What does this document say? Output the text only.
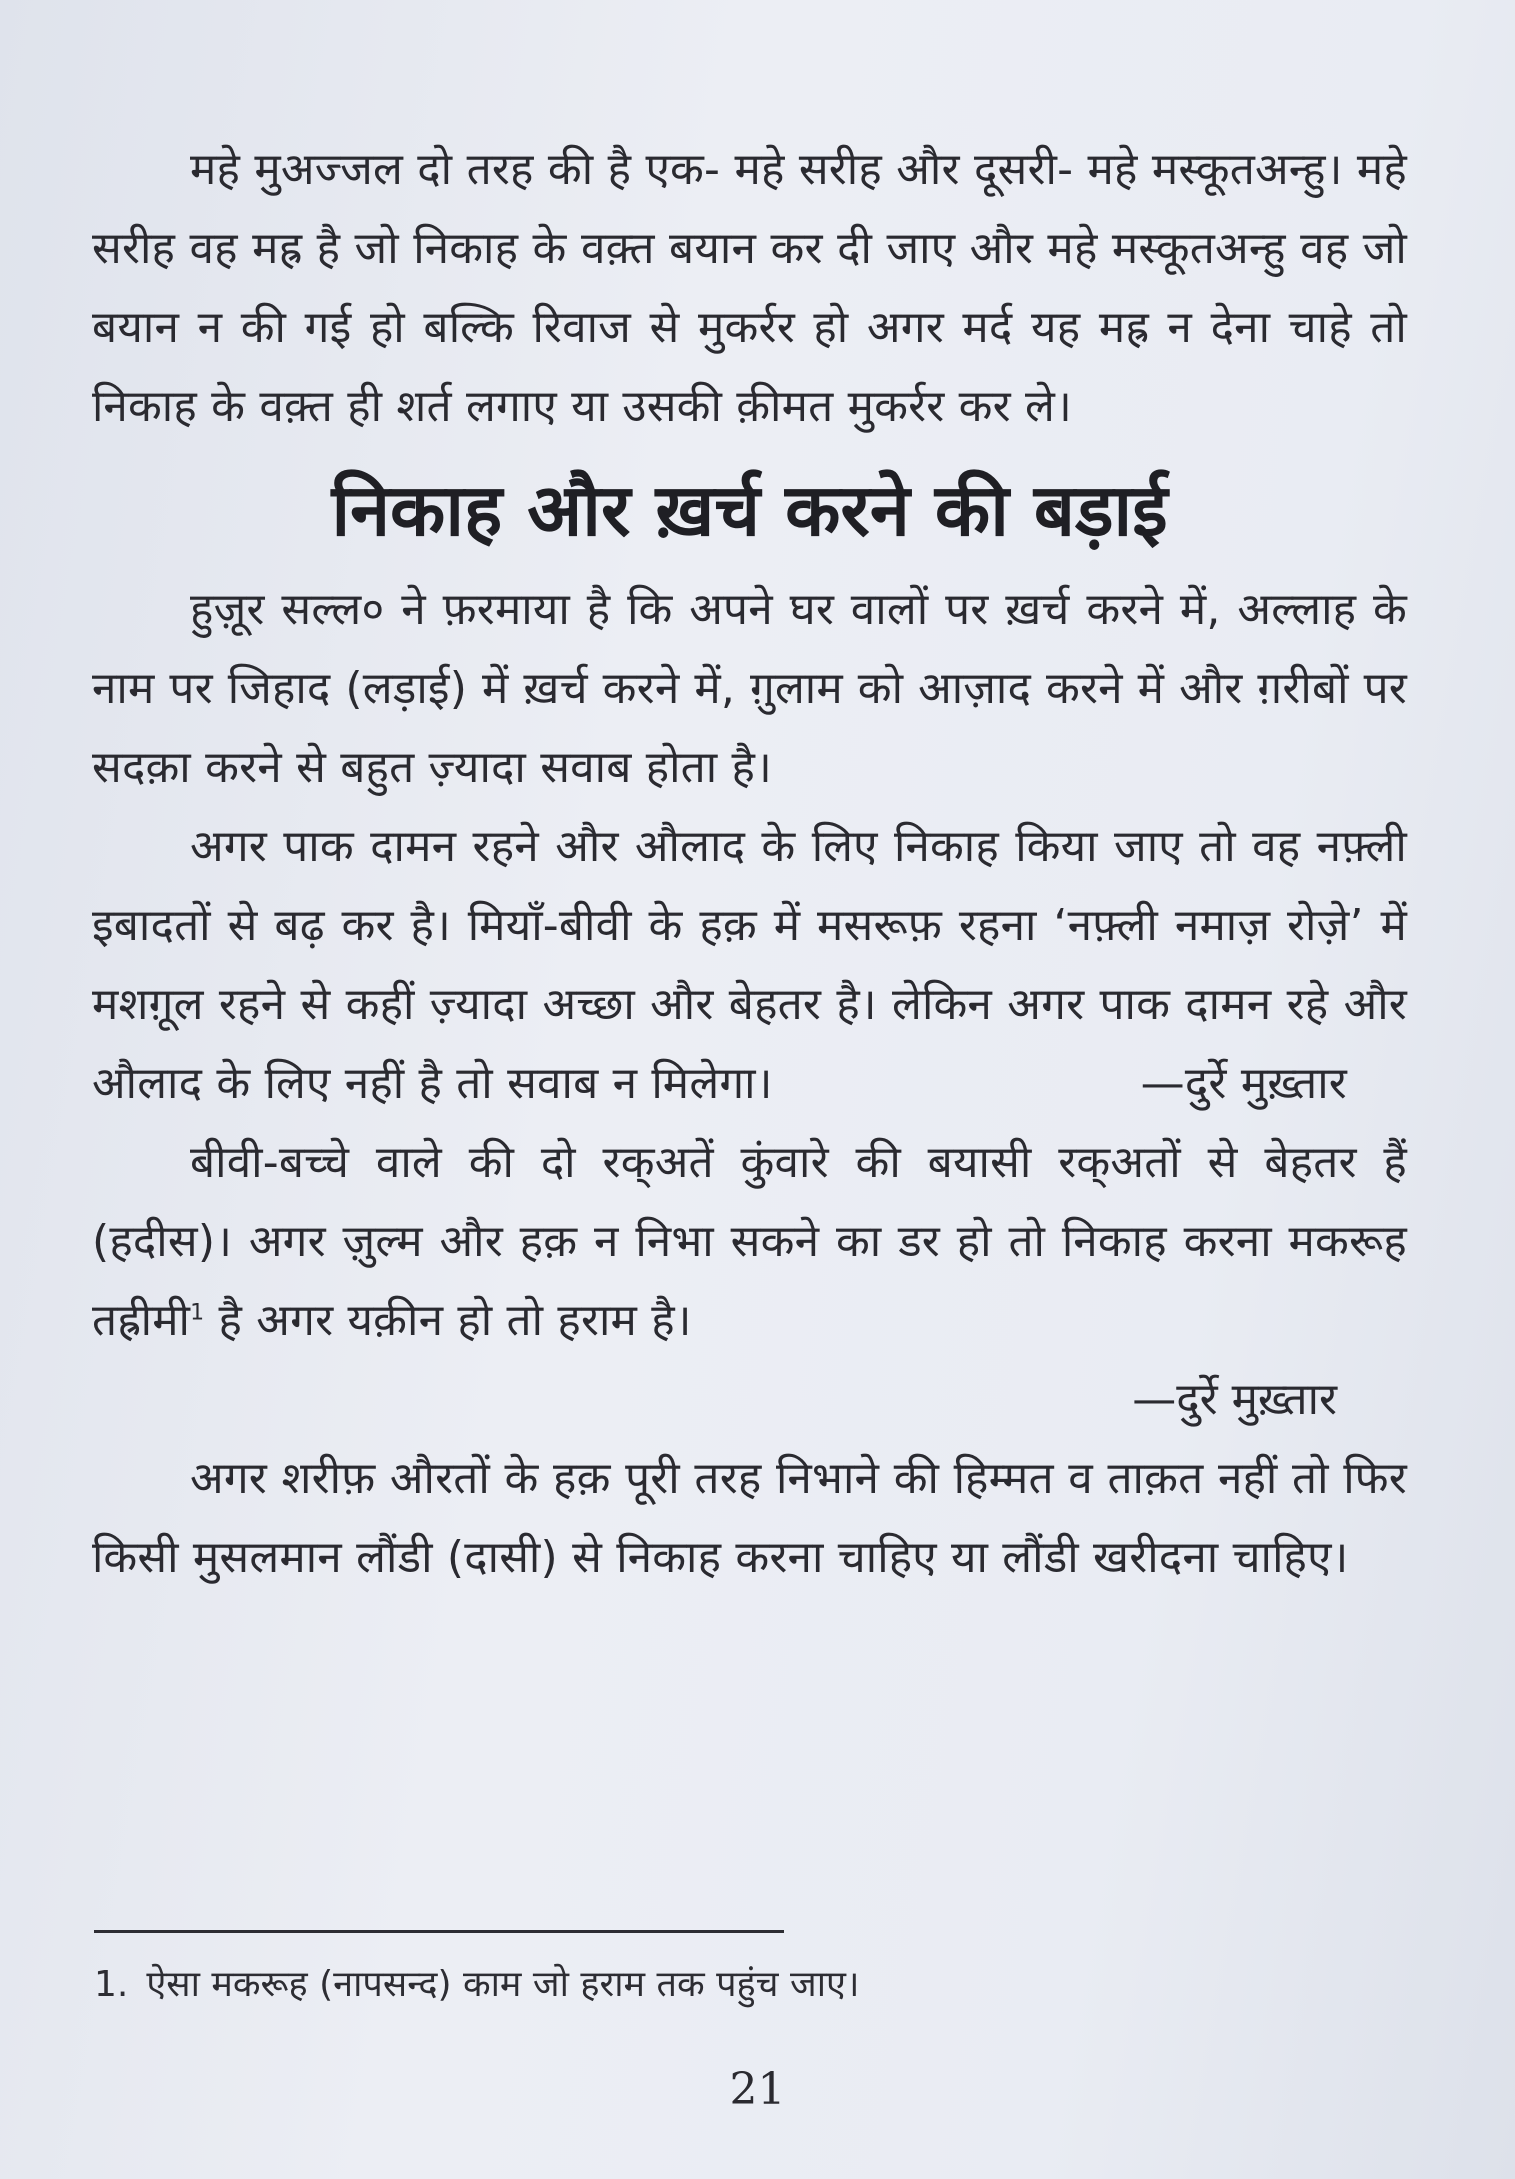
महे मुअज्जल दो तरह की है एक- महे सरीह और दूसरी- महे मस्कूतअन्हु। महे सरीह वह मह्र है जो निकाह के वक़्त बयान कर दी जाए और महे मस्कूतअन्हु वह जो बयान न की गई हो बल्कि रिवाज से मुकर्रर हो अगर मर्द यह मह्र न देना चाहे तो निकाह के वक़्त ही शर्त लगाए या उसकी क़ीमत मुकर्रर कर ले।

निकाह और ख़र्च करने की बड़ाई

हुज़ूर सल्ल० ने फ़रमाया है कि अपने घर वालों पर ख़र्च करने में, अल्लाह के नाम पर जिहाद (लड़ाई) में ख़र्च करने में, ग़ुलाम को आज़ाद करने में और ग़रीबों पर सदक़ा करने से बहुत ज़्यादा सवाब होता है।

अगर पाक दामन रहने और औलाद के लिए निकाह किया जाए तो वह नफ़्ली इबादतों से बढ़ कर है। मियाँ-बीवी के हक़ में मसरूफ़ रहना ‘नफ़्ली नमाज़ रोज़े’ में मशग़ूल रहने से कहीं ज़्यादा अच्छा और बेहतर है। लेकिन अगर पाक दामन रहे और औलाद के लिए नहीं है तो सवाब न मिलेगा।	—दुर्रे मुख़्तार

बीवी-बच्चे वाले की दो रक्अतें कुंवारे की बयासी रक्अतों से बेहतर हैं (हदीस)। अगर ज़ुल्म और हक़ न निभा सकने का डर हो तो निकाह करना मकरूह तह्रीमी$^1$ है अगर यक़ीन हो तो हराम है।

—दुर्रे मुख़्तार

अगर शरीफ़ औरतों के हक़ पूरी तरह निभाने की हिम्मत व ताक़त नहीं तो फिर किसी मुसलमान लौंडी (दासी) से निकाह करना चाहिए या लौंडी खरीदना चाहिए।

1. ऐसा मकरूह (नापसन्द) काम जो हराम तक पहुंच जाए।
21
